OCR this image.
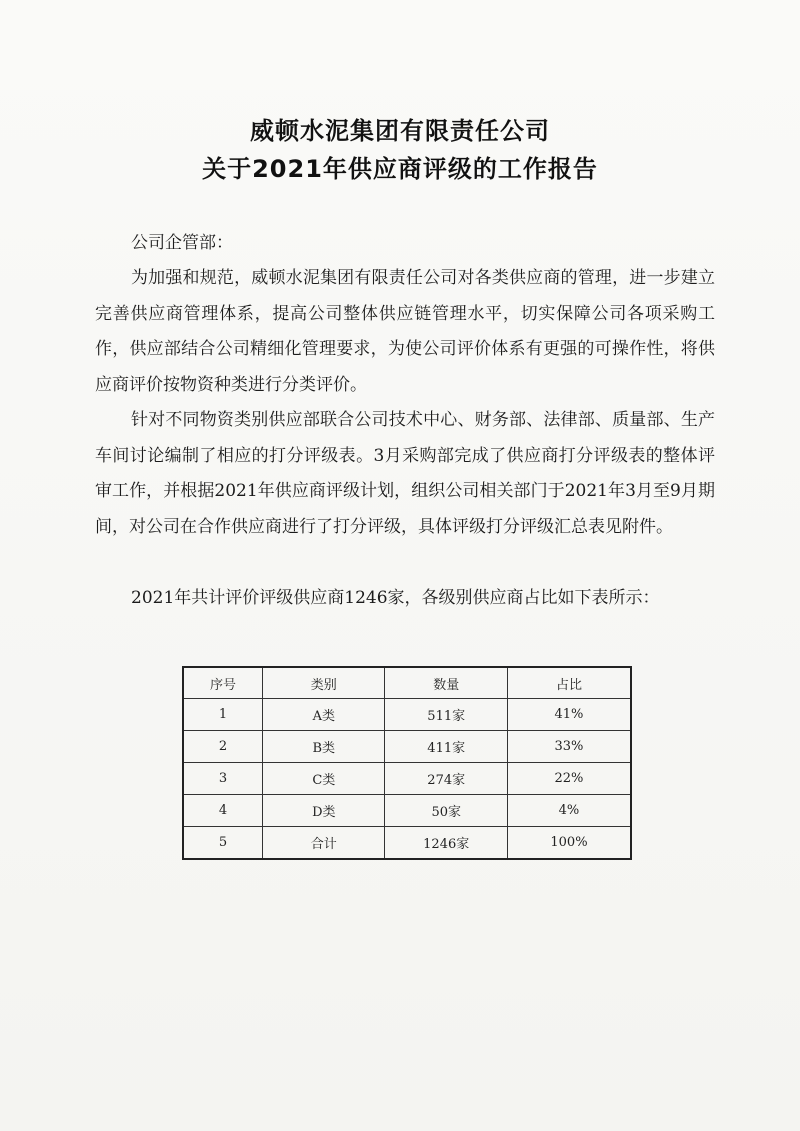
威顿水泥集团有限责任公司
关于2021年供应商评级的工作报告
公司企管部：
为加强和规范，威顿水泥集团有限责任公司对各类供应商的管理，进一步建立完善供应商管理体系，提高公司整体供应链管理水平，切实保障公司各项采购工作，供应部结合公司精细化管理要求，为使公司评价体系有更强的可操作性，将供应商评价按物资种类进行分类评价。
针对不同物资类别供应部联合公司技术中心、财务部、法律部、质量部、生产车间讨论编制了相应的打分评级表。3月采购部完成了供应商打分评级表的整体评审工作，并根据2021年供应商评级计划，组织公司相关部门于2021年3月至9月期间，对公司在合作供应商进行了打分评级，具体评级打分评级汇总表见附件。
2021年共计评价评级供应商1246家，各级别供应商占比如下表所示：
序号	类别	数量	占比
1	A类	511家	41%
2	B类	411家	33%
3	C类	274家	22%
4	D类	50家	4%
5	合计	1246家	100%
